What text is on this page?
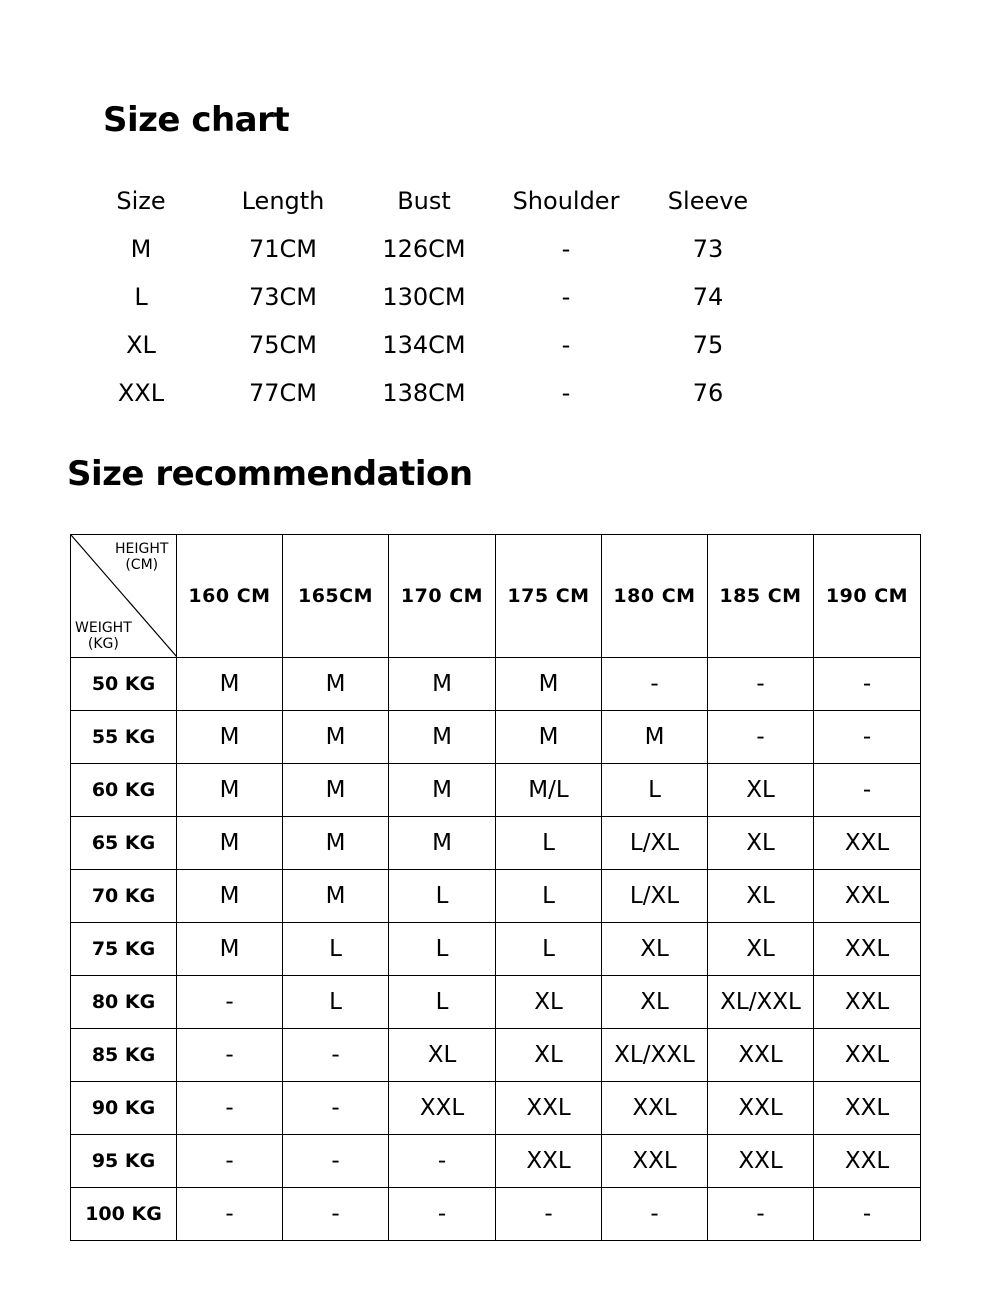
Size chart
Size	Length	Bust	Shoulder	Sleeve
M	71CM	126CM	-	73
L	73CM	130CM	-	74
XL	75CM	134CM	-	75
XXL	77CM	138CM	-	76
Size recommendation
HEIGHT
(CM)
WEIGHT
(KG)	160 CM	165CM	170 CM	175 CM	180 CM	185 CM	190 CM
50 KG	M	M	M	M	-	-	-
55 KG	M	M	M	M	M	-	-
60 KG	M	M	M	M/L	L	XL	-
65 KG	M	M	M	L	L/XL	XL	XXL
70 KG	M	M	L	L	L/XL	XL	XXL
75 KG	M	L	L	L	XL	XL	XXL
80 KG	-	L	L	XL	XL	XL/XXL	XXL
85 KG	-	-	XL	XL	XL/XXL	XXL	XXL
90 KG	-	-	XXL	XXL	XXL	XXL	XXL
95 KG	-	-	-	XXL	XXL	XXL	XXL
100 KG	-	-	-	-	-	-	-
